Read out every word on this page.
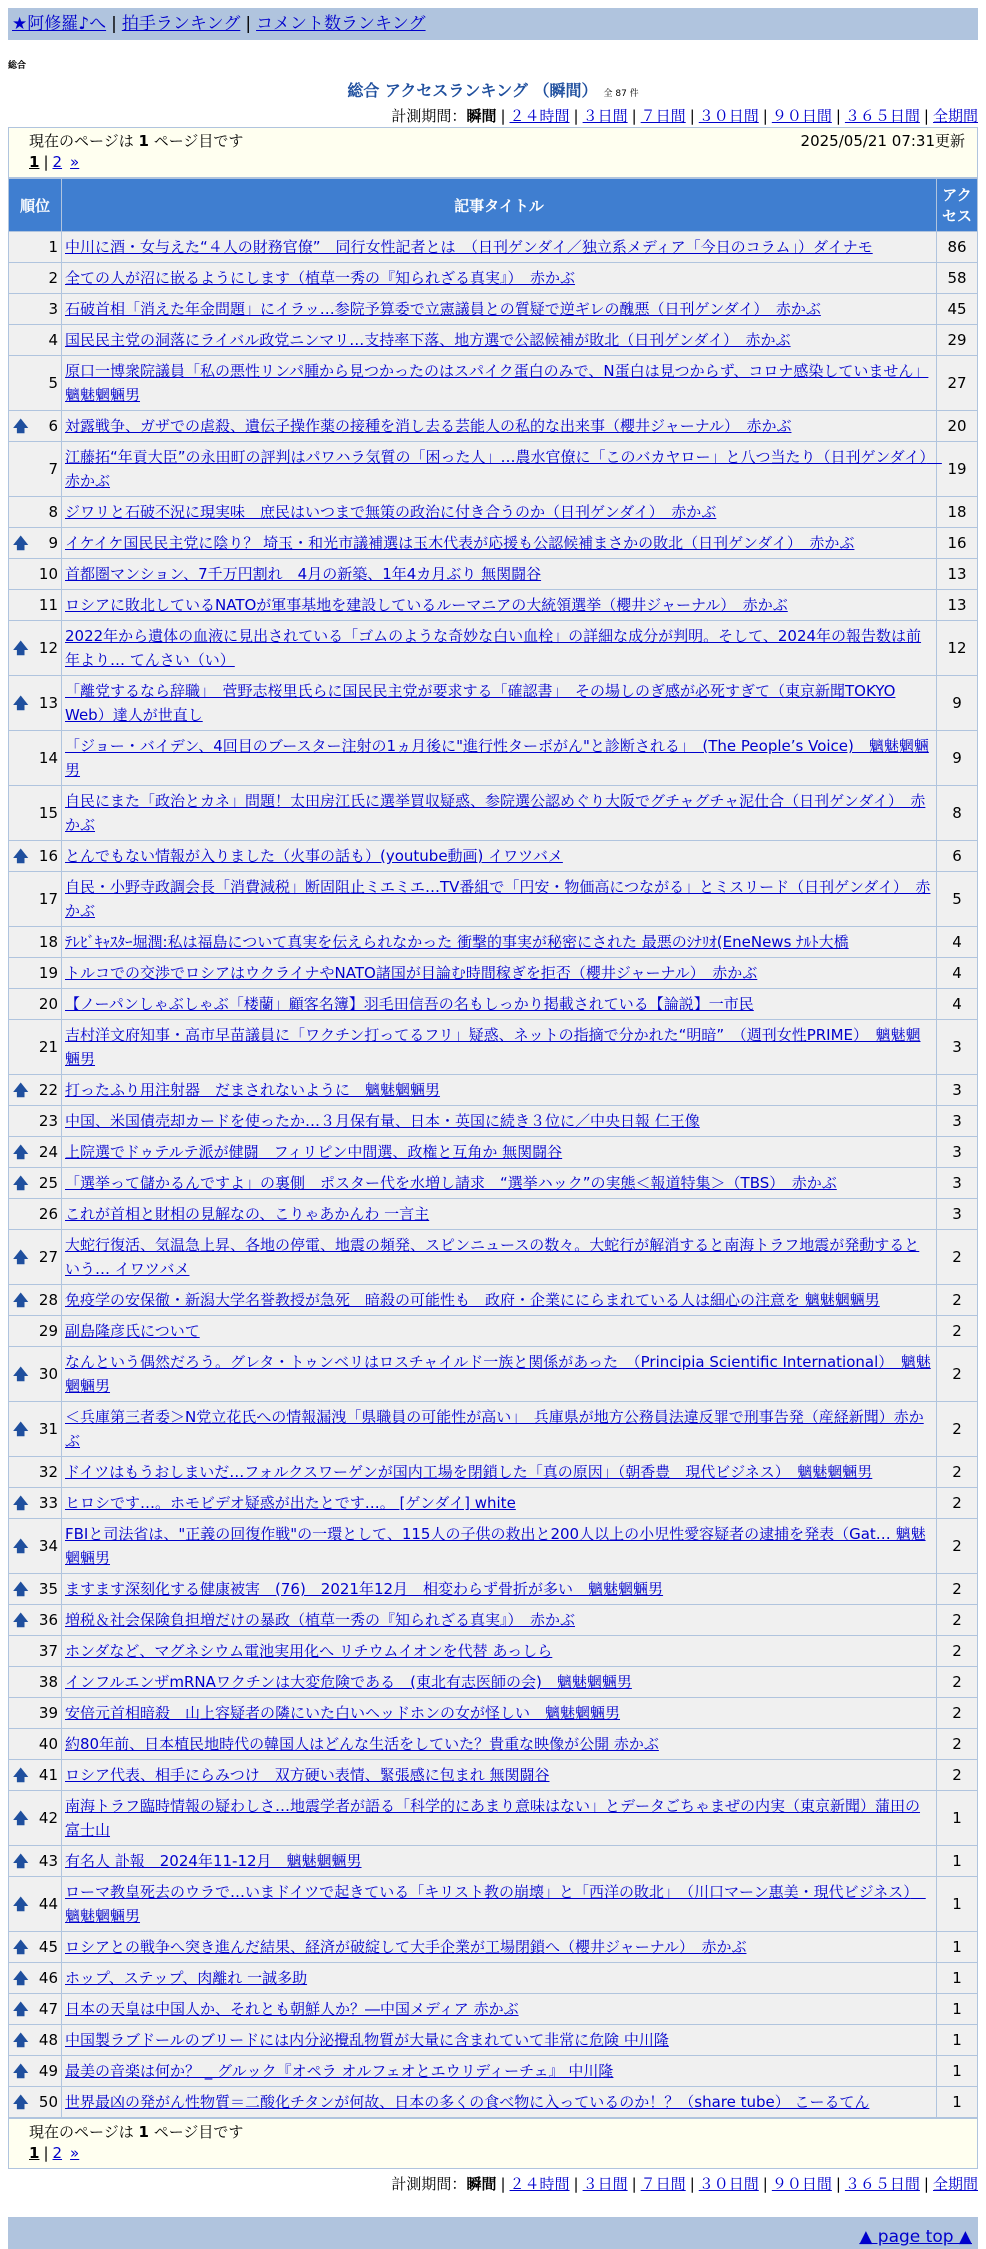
★阿修羅♪へ | 拍手ランキング | コメント数ランキング
総合
総合 アクセスランキング （瞬間） 全 87 件
計測期間：瞬間 | ２４時間 | ３日間 | ７日間 | ３０日間 | ９０日間 | ３６５日間 | 全期間
現在のページは 1 ページ目です	2025/05/21 07:31更新
1 | 2 »
順位	記事タイトル	アクセス
1	中川に酒・女与えた“４人の財務官僚”　同行女性記者とは　（日刊ゲンダイ／独立系メディア「今日のコラム」）ダイナモ	86
2	全ての人が沼に嵌るようにします（植草一秀の『知られざる真実』）　赤かぶ	58
3	石破首相「消えた年金問題」にイラッ…参院予算委で立憲議員との質疑で逆ギレの醜悪（日刊ゲンダイ）　赤かぶ	45
4	国民民主党の洞落にライバル政党ニンマリ…支持率下落、地方選で公認候補が敗北（日刊ゲンダイ）　赤かぶ	29
5	原口一博衆院議員「私の悪性リンパ腫から見つかったのはスパイク蛋白のみで、N蛋白は見つからず、コロナ感染していません」魑魅魍魎男	27

🡅 6	対露戦争、ガザでの虐殺、遺伝子操作薬の接種を消し去る芸能人の私的な出来事（櫻井ジャーナル）　赤かぶ	20
7	江藤拓“年貢大臣”の永田町の評判はパワハラ気質の「困った人」…農水官僚に「このバカヤロー」と八つ当たり（日刊ゲンダイ）　赤かぶ	19
8	ジワリと石破不況に現実味　庶民はいつまで無策の政治に付き合うのか（日刊ゲンダイ）　赤かぶ	18

🡅 9	イケイケ国民民主党に陰り？ 埼玉・和光市議補選は玉木代表が応援も公認候補まさかの敗北（日刊ゲンダイ）　赤かぶ	16
10	首都圏マンション、7千万円割れ　4月の新築、1年4カ月ぶり 無関闘谷	13
11	ロシアに敗北しているNATOが軍事基地を建設しているルーマニアの大統領選挙（櫻井ジャーナル）　赤かぶ	13

🡅 12	2022年から遺体の血液に見出されている「ゴムのような奇妙な白い血栓」の詳細な成分が判明。そして、2024年の報告数は前年より… てんさい（い）	12

🡅 13	「離党するなら辞職」　菅野志桜里氏らに国民民主党が要求する「確認書」　その場しのぎ感が必死すぎて（東京新聞TOKYO Web）達人が世直し	9
14	「ジョー・バイデン、4回目のブースター注射の1ヵ月後に"進行性ターボがん"と診断される」　(The People’s Voice)　魑魅魍魎男	9
15	自民にまた「政治とカネ」問題！太田房江氏に選挙買収疑惑、参院選公認めぐり大阪でグチャグチャ泥仕合（日刊ゲンダイ）　赤かぶ	8

🡅 16	とんでもない情報が入りました（火事の話も）(youtube動画) イワツバメ	6
17	自民・小野寺政調会長「消費減税」断固阻止ミエミエ…TV番組で「円安・物価高につながる」とミスリード（日刊ゲンダイ）　赤かぶ	5
18	ﾃﾚﾋﾞｷｬｽﾀｰ堀潤:私は福島について真実を伝えられなかった 衝撃的事実が秘密にされた 最悪のｼﾅﾘｵ(EneNews ﾅﾙﾄ大橋	4
19	トルコでの交渉でロシアはウクライナやNATO諸国が目論む時間稼ぎを拒否（櫻井ジャーナル）　赤かぶ	4
20	【ノーパンしゃぶしゃぶ「楼蘭」顧客名簿】羽毛田信吾の名もしっかり掲載されている【論説】一市民	4
21	吉村洋文府知事・高市早苗議員に「ワクチン打ってるフリ」疑惑、ネットの指摘で分かれた“明暗”　（週刊女性PRIME）　魑魅魍魎男	3

🡅 22	打ったふり用注射器　だまされないように　魑魅魍魎男	3
23	中国、米国債売却カードを使ったか…３月保有量、日本・英国に続き３位に／中央日報 仁王像	3

🡅 24	上院選でドゥテルテ派が健闘　フィリピン中間選、政権と互角か 無関闘谷	3

🡅 25	「選挙って儲かるんですよ」の裏側　ポスター代を水増し請求　“選挙ハック”の実態＜報道特集＞（TBS）　赤かぶ	3
26	これが首相と財相の見解なの、こりゃあかんわ 一言主	3

🡅 27	大蛇行復活、気温急上昇、各地の停電、地震の頻発、スピンニュースの数々。大蛇行が解消すると南海トラフ地震が発動するという… イワツバメ	2

🡅 28	免疫学の安保徹・新潟大学名誉教授が急死　暗殺の可能性も　政府・企業ににらまれている人は細心の注意を 魑魅魍魎男	2
29	副島隆彦氏について	2

🡅 30	なんという偶然だろう。グレタ・トゥンベリはロスチャイルド一族と関係があった　（Principia Scientific International）　魑魅魍魎男	2

🡅 31	＜兵庫第三者委＞N党立花氏への情報漏洩「県職員の可能性が高い」　兵庫県が地方公務員法違反罪で刑事告発（産経新聞）赤かぶ	2
32	ドイツはもうおしまいだ…フォルクスワーゲンが国内工場を閉鎖した「真の原因」（朝香豊　現代ビジネス）　魑魅魍魎男	2

🡅 33	ヒロシです…。ホモビデオ疑惑が出たとです…。 [ゲンダイ] white	2

🡅 34	FBIと司法省は、"正義の回復作戦"の一環として、115人の子供の救出と200人以上の小児性愛容疑者の逮捕を発表（Gat… 魑魅魍魎男	2

🡅 35	ますます深刻化する健康被害　(76)　2021年12月　相変わらず骨折が多い　魑魅魍魎男	2

🡅 36	増税＆社会保険負担増だけの暴政（植草一秀の『知られざる真実』）　赤かぶ	2
37	ホンダなど、マグネシウム電池実用化へ リチウムイオンを代替 あっしら	2
38	インフルエンザmRNAワクチンは大変危険である　(東北有志医師の会)　魑魅魍魎男	2
39	安倍元首相暗殺　山上容疑者の隣にいた白いヘッドホンの女が怪しい　魑魅魍魎男	2
40	約80年前、日本植民地時代の韓国人はどんな生活をしていた？貴重な映像が公開 赤かぶ	2

🡅 41	ロシア代表、相手にらみつけ　双方硬い表情、緊張感に包まれ 無関闘谷	2

🡅 42	南海トラフ臨時情報の疑わしさ…地震学者が語る「科学的にあまり意味はない」とデータごちゃまぜの内実（東京新聞）蒲田の富士山	1

🡅 43	有名人 訃報　2024年11-12月　魑魅魍魎男	1

🡅 44	ローマ教皇死去のウラで…いまドイツで起きている「キリスト教の崩壊」と「西洋の敗北」　（川口マーン惠美・現代ビジネス）　魑魅魍魎男	1

🡅 45	ロシアとの戦争へ突き進んだ結果、経済が破綻して大手企業が工場閉鎖へ（櫻井ジャーナル）　赤かぶ	1

🡅 46	ホップ、ステップ、肉離れ 一誠多助	1

🡅 47	日本の天皇は中国人か、それとも朝鮮人か？―中国メディア 赤かぶ	1

🡅 48	中国製ラブドールのブリードには内分泌攪乱物質が大量に含まれていて非常に危険 中川隆	1

🡅 49	最美の音楽は何か？ _ グルック『オペラ オルフェオとエウリディーチェ』 中川隆	1

🡅 50	世界最凶の発がん性物質＝二酸化チタンが何故、日本の多くの食べ物に入っているのか！？（share tube） こーるてん	1
現在のページは 1 ページ目です
1 | 2 »
計測期間：瞬間 | ２４時間 | ３日間 | ７日間 | ３０日間 | ９０日間 | ３６５日間 | 全期間
▲ page top ▲
